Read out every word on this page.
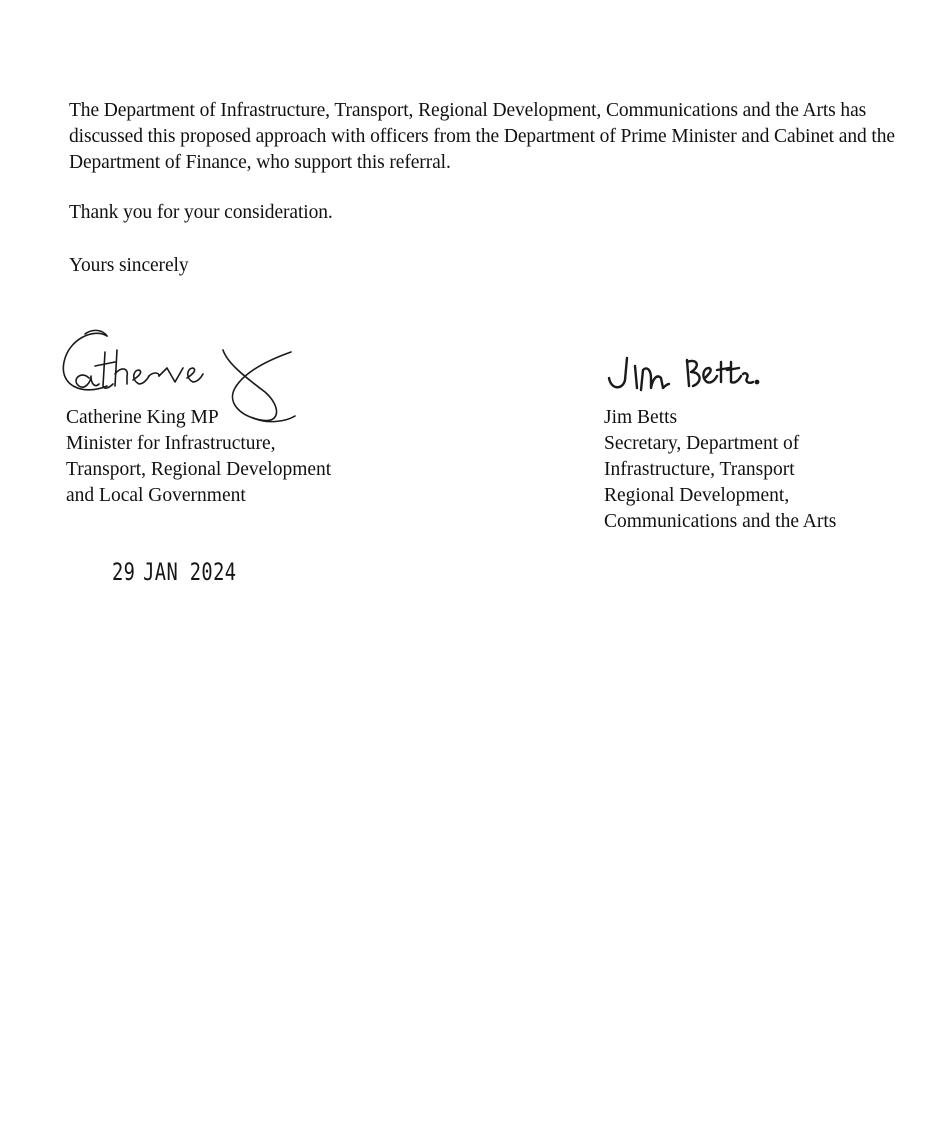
The Department of Infrastructure, Transport, Regional Development, Communications and the Arts has discussed this proposed approach with officers from the Department of Prime Minister and Cabinet and the Department of Finance, who support this referral.

Thank you for your consideration.

Yours sincerely

Catherine King MP
Minister for Infrastructure,
Transport, Regional Development
and Local Government
Jim Betts
Secretary, Department of
Infrastructure, Transport
Regional Development,
Communications and the Arts
29 JAN 2024
